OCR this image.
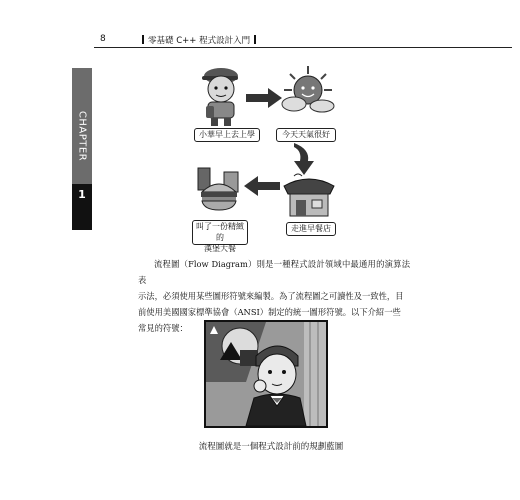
8	零基礎 C++ 程式設計入門
CHAPTER
1
小華早上去上學	今天天氣很好
叫了一份精緻的
漢堡大餐
走進早餐店
流程圖（Flow Diagram）則是一種程式設計領域中最通用的演算法表
示法，必須使用某些圖形符號來編製。為了流程圖之可讀性及一致性，目
前使用美國國家標準協會（ANSI）制定的統一圖形符號。以下介紹一些
常見的符號：
流程圖就是一個程式設計前的規劃藍圖
